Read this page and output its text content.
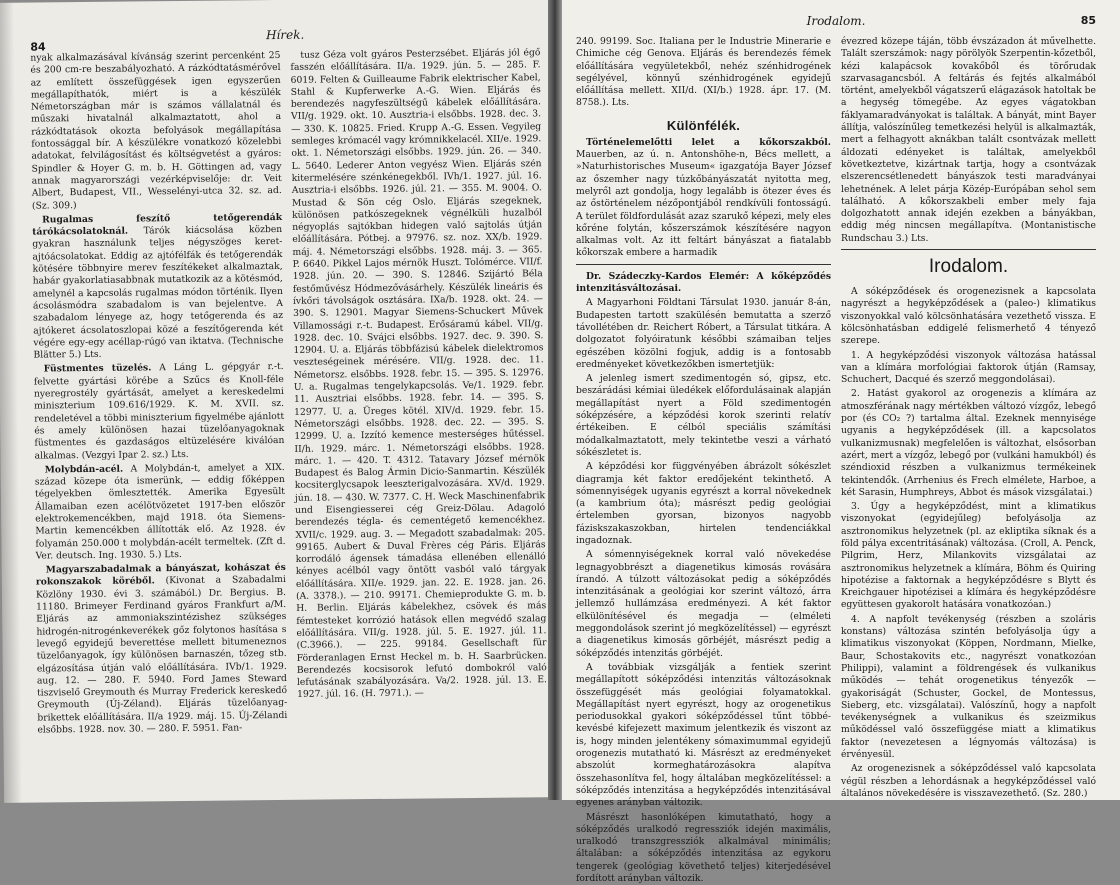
84
Hírek.

nyak alkalmazásával kívánság szerint percenként 25 és 200 cm-re beszabályozható. A rázkódtatásmérővel az említett összefüggések igen egyszerűen megállapíthatók, miért is a készülék Németországban már is számos vállalatnál és műszaki hivatalnál alkalmaztatott, ahol a rázkódtatások okozta befolyások megállapítása fontossággal bír. A készülékre vonatkozó közelebbi adatokat, felvilágosítást és költségvetést a gyáros: Spindler & Hoyer G. m. b. H. Göttingen ad, vagy annak magyarországi vezérképviselője: dr. Veit Albert, Budapest, VII., Wesselényi-utca 32. sz. ad. (Sz. 309.)

Rugalmas feszítő tetőgerendák tárókácsolatoknál. Tárók kiácsolása közben gyakran használunk teljes négyszöges keret-ajtóácsolatokat. Eddig az ajtófélfák és tetőgerendák kötésére többnyire merev feszítékeket alkalmaztak, habár gyakorlatiasabbnak mutatkozik az a kötésmód, amelynél a kapcsolás rugalmas módon történik. Ilyen ácsolásmódra szabadalom is van bejelentve. A szabadalom lényege az, hogy tetőgerenda és az ajtókeret ácsolatoszlopai közé a feszítőgerenda két végére egy-egy acéllap-rúgó van iktatva. (Technische Blätter 5.) Lts.

Füstmentes tüzelés. A Láng L. gépgyár r.-t. felvette gyártási körébe a Szűcs és Knoll-féle nyeregrostély gyártását, amelyet a kereskedelmi miniszterium 109.616/1929. K. M. XVII. sz. rendeletével a többi miniszterium figyelmébe ajánlott és amely különösen hazai tüzelőanyagoknak füstmentes és gazdaságos eltüzelésére kiválóan alkalmas. (Vezgyi Ipar 2. sz.) Lts.

Molybdán-acél. A Molybdán-t, amelyet a XIX. század közepe óta ismerünk, — eddig főképpen tégelyekben ömlesztették. Amerika Egyesült Államaiban ezen acélötvözetet 1917-ben először elektrokemencékben, majd 1918. óta Siemens-Martin kemencékben állították elő. Az 1928. év folyamán 250.000 t molybdán-acélt termeltek. (Zft d. Ver. deutsch. Ing. 1930. 5.) Lts.

Magyarszabadalmak a bányászat, kohászat és rokonszakok köréből. (Kivonat a Szabadalmi Közlöny 1930. évi 3. számából.) Dr. Bergius. B. 11180. Brimeyer Ferdinand gyáros Frankfurt a/M. Eljárás az ammoniakszintézishez szükséges hidrogén-nitrogénkeverékek gőz folytonos hasítása s levegő egyidejű beverettése mellett bitumeneznos tüzelőanyagok, így különösen barnaszén, tőzeg stb. elgázosítása útján való előállítására. IVb/1. 1929. aug. 12. — 280. F. 5940. Ford James Steward tiszviselő Greymouth és Murray Frederick kereskedő Greymouth (Új-Zéland). Eljárás tüzelőanyag-brikettek előállítására. II/a 1929. máj. 15. Új-Zélandi elsőbbs. 1928. nov. 30. — 280. F. 5951. Fan-

tusz Géza volt gyáros Pesterzsébet. Eljárás jól égő fasszén előállítására. II/a. 1929. jún. 5. — 285. F. 6019. Felten & Guilleaume Fabrik elektrischer Kabel, Stahl & Kupferwerke A.-G. Wien. Eljárás és berendezés nagyfeszültségű kábelek előállítására. VII/g. 1929. okt. 10. Ausztria-i elsőbbs. 1928. dec. 3. — 330. K. 10825. Fried. Krupp A.-G. Essen. Vegyileg semleges krómacél vagy krómnikkelacél. XII/e. 1929. okt. 1. Németországi elsőbbs. 1929. jún. 26. — 340. L. 5640. Lederer Anton vegyész Wien. Eljárás szén kitermelésére szénkénegekből. IVh/1. 1927. júl. 16. Ausztria-i elsőbbs. 1926. júl. 21. — 355. M. 9004. O. Mustad & Sön cég Oslo. Eljárás szegeknek, különösen patkószegeknek végnélküli huzalból négyoplás sajtókban hidegen való sajtolás útján előállítására. Pótbej. a 97976. sz. noz. XX/b. 1929. máj. 4. Németországi elsőbbs. 1928. máj. 3. — 365. P. 6640. Pikkel Lajos mérnök Huszt. Tolómérce. VII/f. 1928. jún. 20. — 390. S. 12846. Szijártó Béla festőművész Hódmezővásárhely. Készülék lineáris és ívkőri távolságok osztására. IXa/b. 1928. okt. 24. — 390. S. 12901. Magyar Siemens-Schuckert Művek Villamossági r.-t. Budapest. Erősáramú kábel. VII/g. 1928. dec. 10. Svájci elsőbbs. 1927. dec. 9. 390. S. 12904. U. a. Eljárás többfázisú kábelek dielektromos veszteségeinek mérésére. VII/g. 1928. dec. 11. Németorsz. elsőbbs. 1928. febr. 15. — 395. S. 12976. U. a. Rugalmas tengelykapcsolás. Ve/1. 1929. febr. 11. Ausztriai elsőbbs. 1928. febr. 14. — 395. S. 12977. U. a. Üreges kötél. XIV/d. 1929. febr. 15. Németországi elsőbbs. 1928. dec. 22. — 395. S. 12999. U. a. Izzító kemence mesterséges hűtéssel. II/h. 1929. márc. 1. Németországi elsőbbs. 1928. márc. 1. — 420. T. 4312. Tatavary József mérnök Budapest és Balog Ármin Dicio-Sanmartin. Készülék kocsiterglycsapok leeszterigalvozására. XV/d. 1929. jún. 18. — 430. W. 7377. C. H. Weck Maschinenfabrik und Eisengiesserei cég Greiz-Dölau. Adagoló berendezés tégla- és cementégető kemencékhez. XVII/c. 1929. aug. 3. — Megadott szabadalmak: 205. 99165. Aubert & Duval Frères cég Páris. Eljárás korrodáló ágensek támadása ellenében ellenálló kényes acélból vagy öntött vasból való tárgyak előállítására. XII/e. 1929. jan. 22. E. 1928. jan. 26. (A. 3378.). — 210. 99171. Chemieprodukte G. m. b. H. Berlin. Eljárás kábelekhez, csövek és más fémtesteket korrózió hatások ellen megvédő szalag előállítására. VII/g. 1928. júl. 5. E. 1927. júl. 11. (C.3966.). — 225. 99184. Gesellschaft für Förderanlagen Ernst Heckel m. b. H. Saarbrücken. Berendezés kocsisorok lefutó dombokról való lefutásának szabályozására. Va/2. 1928. júl. 13. E. 1927. júl. 16. (H. 7971.). —

Irodalom.	85

240. 99199. Soc. Italiana per le Industrie Minerarie e Chimiche cég Genova. Eljárás és berendezés fémek előállítására vegyületekből, nehéz szénhidrogének segélyével, könnyű szénhidrogének egyidejű előállítása mellett. XII/d. (XI/b.) 1928. ápr. 17. (M. 8758.). Lts.

Különfélék.

Történelemelőtti lelet a kőkorszakból. Mauerben, az ú. n. Antonshöhe-n, Bécs mellett, a »Naturhistorisches Museum« igazgatója Bayer József az őszemher nagy túzkőbányászatát nyitotta meg, melyről azt gondolja, hogy legalább is ötezer éves és az őstörténelem nézőpontjából rendkívüli fontosságú. A terület földfordulását azaz szarukő képezi, mely eles kőréne folytán, kőszerszámok készítésére nagyon alkalmas volt. Az itt feltárt bányászat a fiatalabb kőkorszak embere a harmadik

Dr. Szádeczky-Kardos Elemér: A kőképződés intenzitásváltozásai.

A Magyarhoni Földtani Társulat 1930. január 8-án, Budapesten tartott szakülésén bemutatta a szerző távollétében dr. Reichert Róbert, a Társulat titkára. A dolgozatot folyóiratunk későbbi számaiban teljes egészében közölni fogjuk, addig is a fontosabb eredményeket következőkben ismertetjük:

A jelenleg ismert szedimentogén só, gipsz, etc. beszárádási kémiai üledékek előfordulásainak alapján megállapítást nyert a Föld szedimentogén sóképzésére, a képződési korok szerinti relatív értékeiben. E célból speciális számítási módalkalmaztatott, mely tekintetbe veszi a várható sókészletet is.

A képződési kor függvényében ábrázolt sókészlet diagramja két faktor eredőjeként tekinthető. A sómennyiségek ugyanis egyrészt a korral növekednek (a kambrium óta); másrészt pedig geológiai értelemben gyorsan, bizonyos nagyobb fáziskszakaszokban, hirtelen tendenciákkal ingadoznak.

A sómennyiségeknek korral való növekedése legnagyobbrészt a diagenetikus kimosás rovására írandó. A túlzott változásokat pedig a sóképződés intenzitásának a geológiai kor szerint változó, árra jellemző hullámzása eredményezi. A két faktor elkülönítésével és megadja — (elméleti meggondolások szerint jó megközelítéssel) — egyrészt a diagenetikus kimosás görbéjét, másrészt pedig a sóképződés intenzitás görbéjét.

A továbbiak vizsgálják a fentiek szerint megállapított sóképződési intenzitás változásoknak összefüggését más geológiai folyamatokkal. Megállapítást nyert egyrészt, hogy az orogenetikus periodusokkal gyakori sóképződéssel tűnt többé-kevésbé kifejezett maximum jelentkezik és viszont az is, hogy minden jelentékeny sómaximummal egyidejű orogenezis mutatható ki. Másrészt az eredményeket abszolút kormeghatározásokra alapítva összehasonlítva fel, hogy általában megközelítéssel: a sóképződés intenzitása a hegyképződés intenzitásával egyenes arányban változik.

Másrészt hasonlóképen kimutatható, hogy a sóképződés uralkodó regressziók idején maximális, uralkodó transzgressziók alkalmával minimális; általában: a sóképződés intenzitása az egykoru tengerek (geológiag követhető teljes) kiterjedésével fordított arányban változik.

évezred közepe táján, több évszázadon át művelhette. Talált szerszámok: nagy pörölyök Szerpentin-kőzetből, kézi kalapácsok kovakőből és törőrudak szarvasagancsból. A feltárás és fejtés alkalmából történt, amelyekből vágatszerű elágazások hatoltak be a hegység tömegébe. Az egyes vágatokban fáklyamaradványokat is találtak. A bányát, mint Bayer állítja, valószínűleg temetkezési helyül is alkalmazták, mert a felhagyott aknákban talált csontvázak mellett áldozati edényeket is találtak, amelyekből következtetve, kizártnak tartja, hogy a csontvázak elszerencsétlenedett bányászok testi maradványai lehetnének. A lelet párja Közép-Európában sehol sem található. A kőkorszakbeli ember mely faja dolgozhatott annak idején ezekben a bányákban, eddig még nincsen megállapítva. (Montanistische Rundschau 3.) Lts.

Irodalom.

A sóképződések és orogenezisnek a kapcsolata nagyrészt a hegyképződések a (paleo-) klimatikus viszonyokkal való kölcsönhatására vezethető vissza. E kölcsönhatásban eddigelé felismerhető 4 tényező szerepe.

1. A hegyképződési viszonyok változása hatással van a klímára morfológiai faktorok útján (Ramsay, Schuchert, Dacqué és szerző meggondolásai).

2. Hatást gyakorol az orogenezis a klímára az atmoszférának nagy mértékben változó vízgőz, lebegő por (és CO₂ ?) tartalma által. Ezeknek mennyisége ugyanis a hegyképződések (ill. a kapcsolatos vulkanizmusnak) megfelelően is változhat, elsősorban azért, mert a vízgőz, lebegő por (vulkáni hamukból) és széndioxid részben a vulkanizmus termékeinek tekintendők. (Arrhenius és Frech elmélete, Harboe, a két Sarasin, Humphreys, Abbot és mások vizsgálatai.)

3. Úgy a hegyképződést, mint a klimatikus viszonyokat (egyidejűleg) befolyásolja az asztronomikus helyzetnek (pl. az ekliptika síknak és a föld pálya excentritásának) változása. (Croll, A. Penck, Pilgrim, Herz, Milankovits vizsgálatai az asztronomikus helyzetnek a klímára, Böhm és Quiring hipotézise a faktornak a hegyképződésre s Blytt és Kreichgauer hipotézisei a klímára és hegyképződésre együttesen gyakorolt hatására vonatkozóan.)

4. A napfolt tevékenység (részben a szoláris konstans) változása szintén befolyásolja úgy a klimatikus viszonyokat (Köppen, Nordmann, Mielke, Baur, Schostakovits etc., nagyrészt vonatkozóan Philippi), valamint a földrengések és vulkanikus működés — tehát orogenetikus tényezők — gyakoriságát (Schuster, Gockel, de Montessus, Sieberg, etc. vizsgálatai). Valószínű, hogy a napfolt tevékenységnek a vulkanikus és szeizmikus működéssel való összefüggése miatt a klimatikus faktor (nevezetesen a légnyomás változása) is érvényesül.

Az orogenezisnek a sóképződéssel való kapcsolata végül részben a lehordásnak a hegyképződéssel való általános növekedésére is visszavezethető. (Sz. 280.)
